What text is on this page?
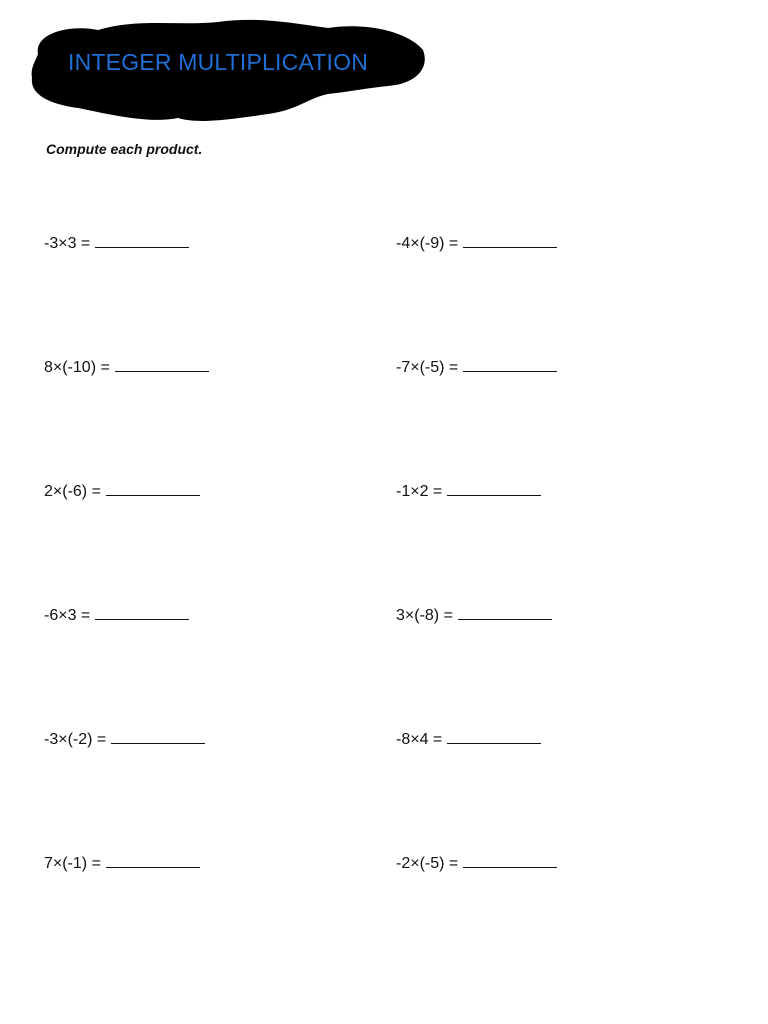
INTEGER MULTIPLICATION
Compute each product.
-3×3 =	-4×(-9) =
8×(-10) =	-7×(-5) =
2×(-6) =	-1×2 =
-6×3 =	3×(-8) =
-3×(-2) =	-8×4 =
7×(-1) =	-2×(-5) =
